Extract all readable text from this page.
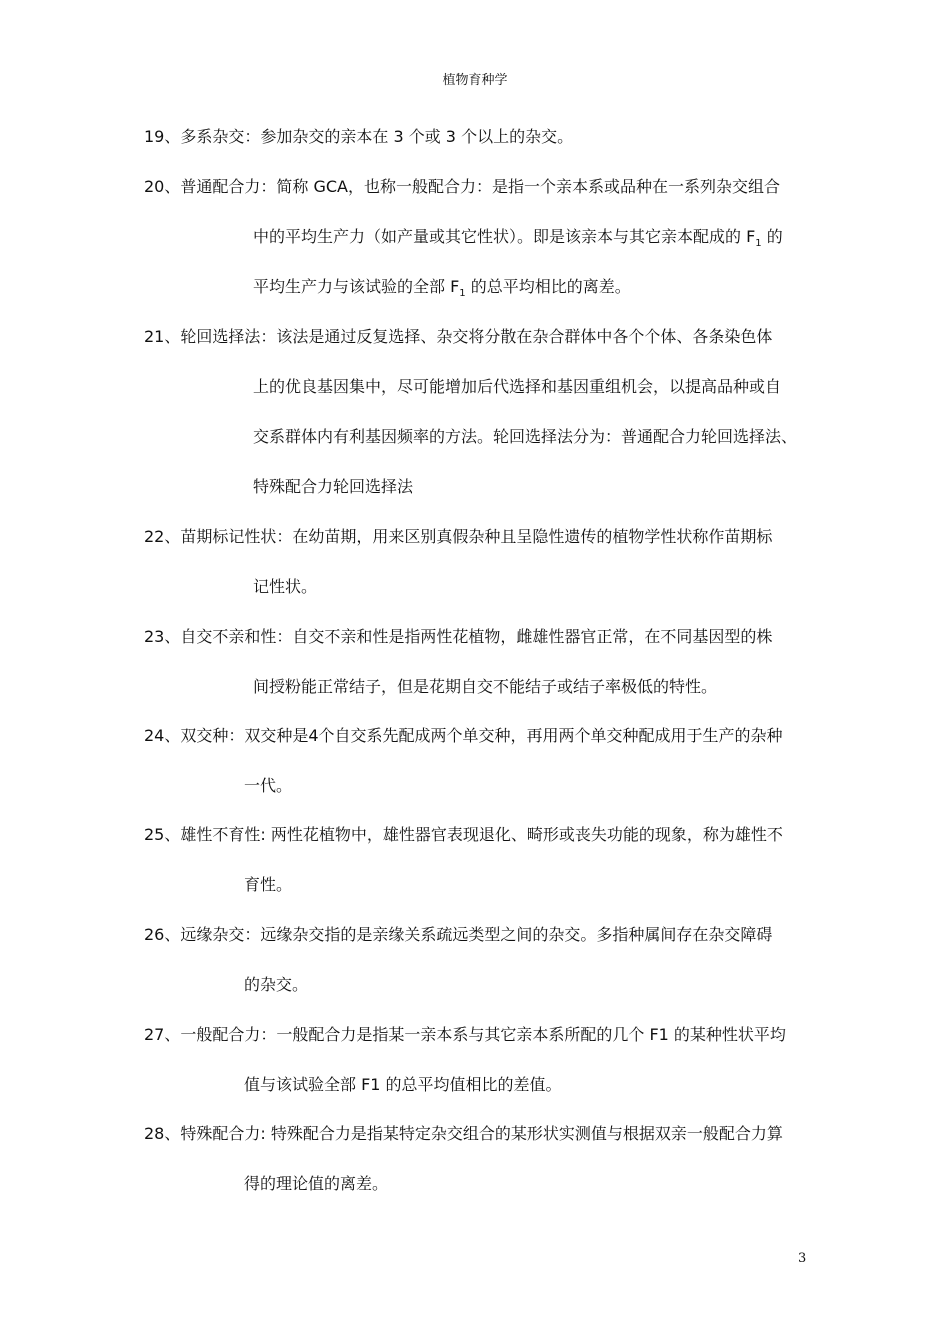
植物育种学
19、多系杂交：参加杂交的亲本在 3 个或 3 个以上的杂交。
20、普通配合力：简称 GCA，也称一般配合力：是指一个亲本系或品种在一系列杂交组合
中的平均生产力（如产量或其它性状）。即是该亲本与其它亲本配成的 $F_1$ 的
平均生产力与该试验的全部 $F_1$ 的总平均相比的离差。
21、轮回选择法：该法是通过反复选择、杂交将分散在杂合群体中各个个体、各条染色体
上的优良基因集中，尽可能增加后代选择和基因重组机会，以提高品种或自
交系群体内有利基因频率的方法。轮回选择法分为：普通配合力轮回选择法、
特殊配合力轮回选择法
22、苗期标记性状：在幼苗期，用来区别真假杂种且呈隐性遗传的植物学性状称作苗期标
记性状。
23、自交不亲和性：自交不亲和性是指两性花植物，雌雄性器官正常，在不同基因型的株
间授粉能正常结子，但是花期自交不能结子或结子率极低的特性。
24、双交种：双交种是4个自交系先配成两个单交种，再用两个单交种配成用于生产的杂种
一代。
25、雄性不育性: 两性花植物中，雄性器官表现退化、畸形或丧失功能的现象，称为雄性不
育性。
26、远缘杂交：远缘杂交指的是亲缘关系疏远类型之间的杂交。多指种属间存在杂交障碍
的杂交。
27、一般配合力：一般配合力是指某一亲本系与其它亲本系所配的几个 F1 的某种性状平均
值与该试验全部 F1 的总平均值相比的差值。
28、特殊配合力: 特殊配合力是指某特定杂交组合的某形状实测值与根据双亲一般配合力算
得的理论值的离差。
3
